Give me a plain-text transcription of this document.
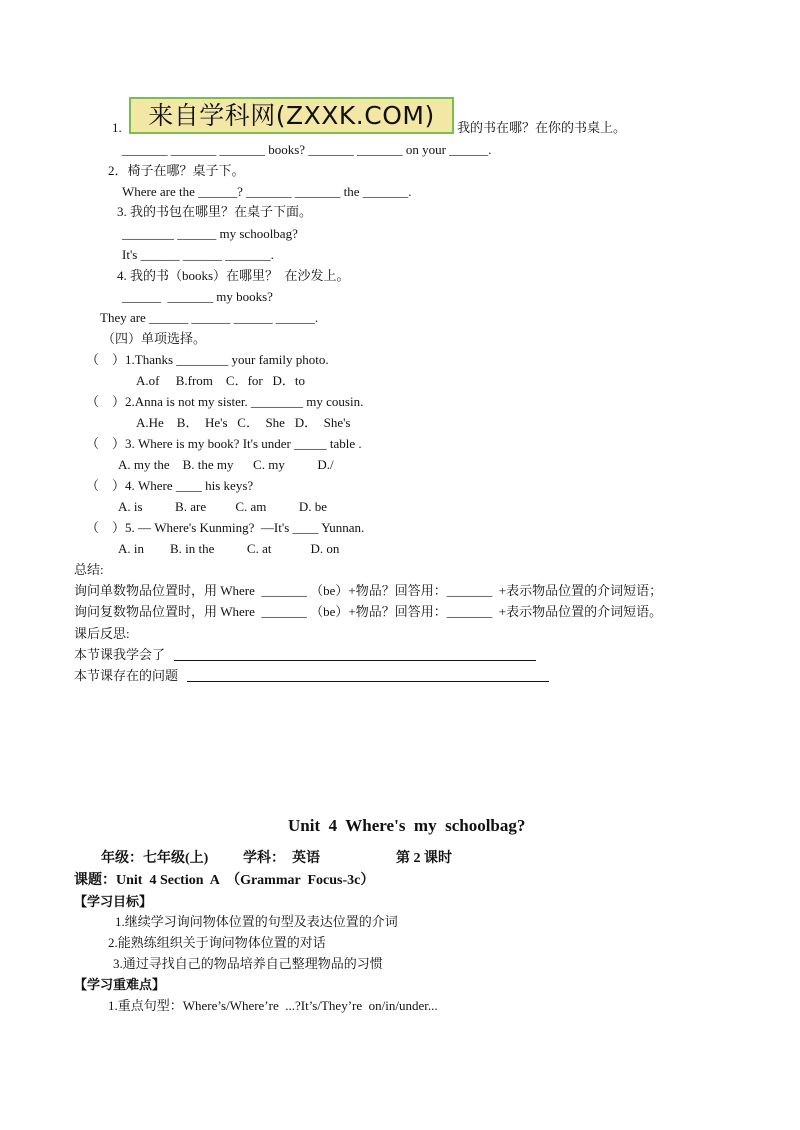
1.	来自学科网(ZXXK.COM)	我的书在哪？在你的书桌上。
_______ _______ _______ books? _______ _______ on your ______.
2．椅子在哪？桌子下。
Where are the ______? _______ _______ the _______.
3. 我的书包在哪里？在桌子下面。
________ ______ my schoolbag?
It's ______ ______ _______.
4. 我的书（books）在哪里？  在沙发上。
______  _______ my books?
They are ______ ______ ______ ______.
（四）单项选择。
（    ）1.Thanks ________ your family photo.
A.of     B.from    C．for   D．to
（    ）2.Anna is not my sister. ________ my cousin.
A.He    B．  He's   C．  She   D．  She's
（    ）3. Where is my book? It's under _____ table .
A. my the    B. the my      C. my          D./
（    ）4. Where ____ his keys?
A. is          B. are         C. am          D. be
（    ）5. — Where's Kunming?  —It's ____ Yunnan.
A. in        B. in the          C. at            D. on
总结:
询问单数物品位置时，用 Where  _______ （be）+物品？回答用：_______  +表示物品位置的介词短语；
询问复数物品位置时，用 Where  _______ （be）+物品？回答用：_______  +表示物品位置的介词短语。
课后反思:
本节课我学会了
本节课存在的问题
Unit  4  Where's  my  schoolbag?
年级：七年级(上) 学科：  英语	第 2 课时
课题：Unit  4 Section  A  （Grammar  Focus-3c）
【学习目标】
1.继续学习询问物体位置的句型及表达位置的介词
2.能熟练组织关于询问物体位置的对话
3.通过寻找自己的物品培养自己整理物品的习惯
【学习重难点】
1.重点句型：Where’s/Where’re  ...?It’s/They’re  on/in/under...
